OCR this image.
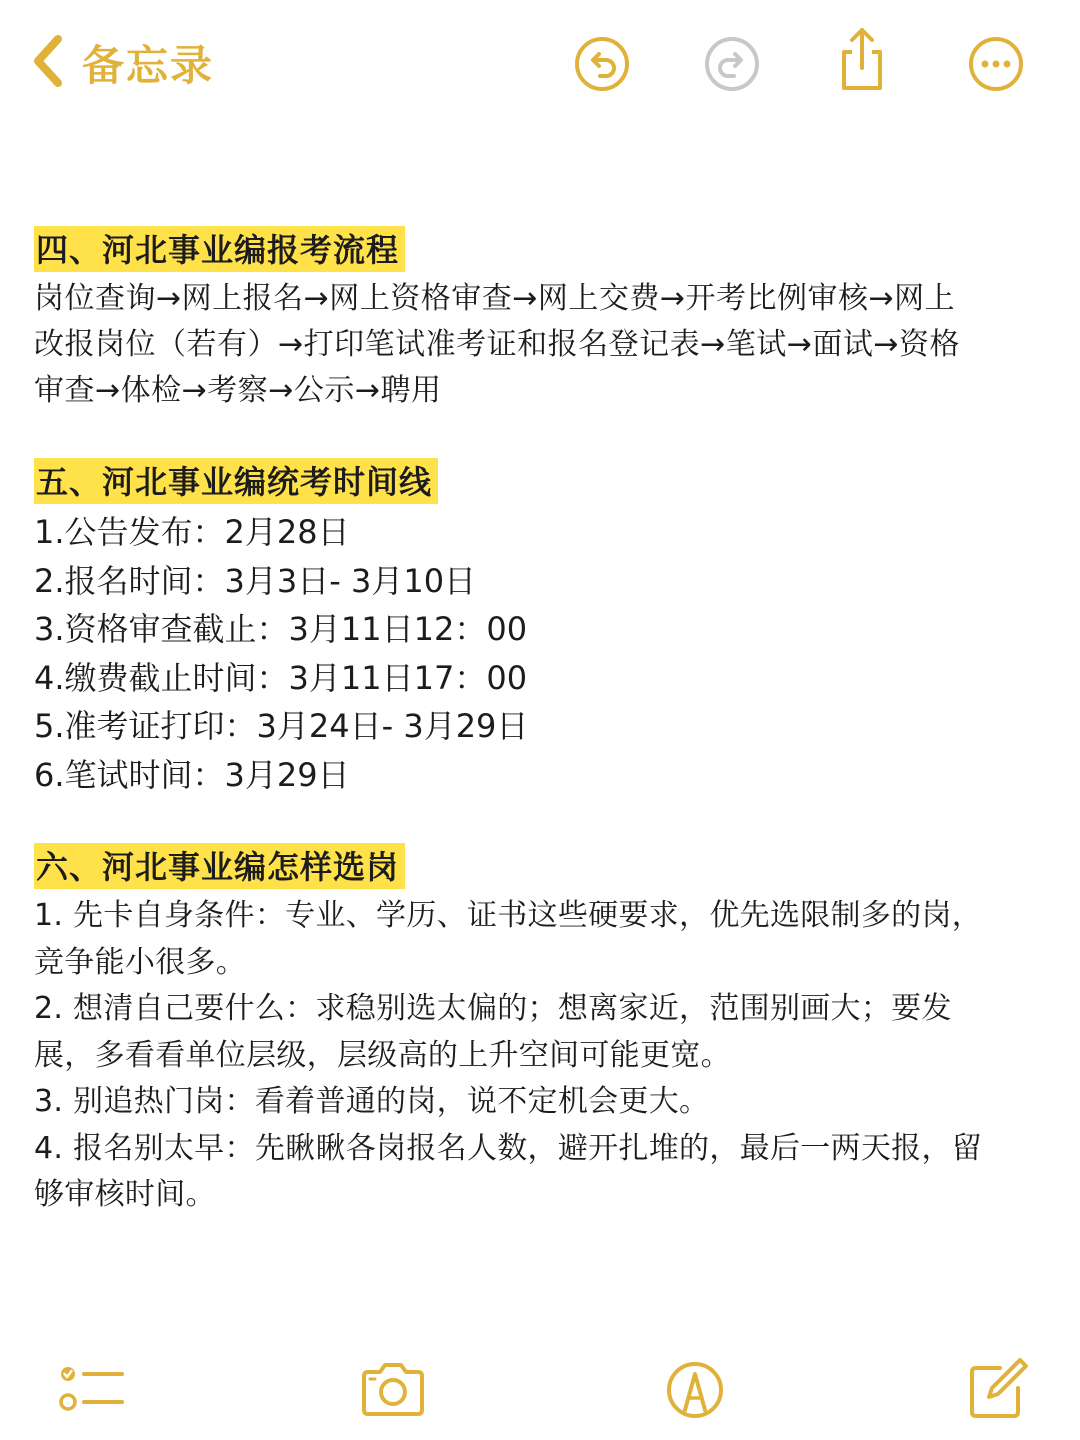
备忘录
四、河北事业编报考流程

岗位查询→网上报名→网上资格审查→网上交费→开考比例审核→网上

改报岗位（若有）→打印笔试准考证和报名登记表→笔试→面试→资格

审查→体检→考察→公示→聘用

五、河北事业编统考时间线

1.公告发布：2月28日

2.报名时间：3月3日- 3月10日

3.资格审查截止：3月11日12：00

4.缴费截止时间：3月11日17：00

5.准考证打印：3月24日- 3月29日

6.笔试时间：3月29日

六、河北事业编怎样选岗

1. 先卡自身条件：专业、学历、证书这些硬要求，优先选限制多的岗，

竞争能小很多。

2. 想清自己要什么：求稳别选太偏的；想离家近，范围别画大；要发

展，多看看单位层级，层级高的上升空间可能更宽。

3. 别追热门岗：看着普通的岗，说不定机会更大。

4. 报名别太早：先瞅瞅各岗报名人数，避开扎堆的，最后一两天报，留

够审核时间。
